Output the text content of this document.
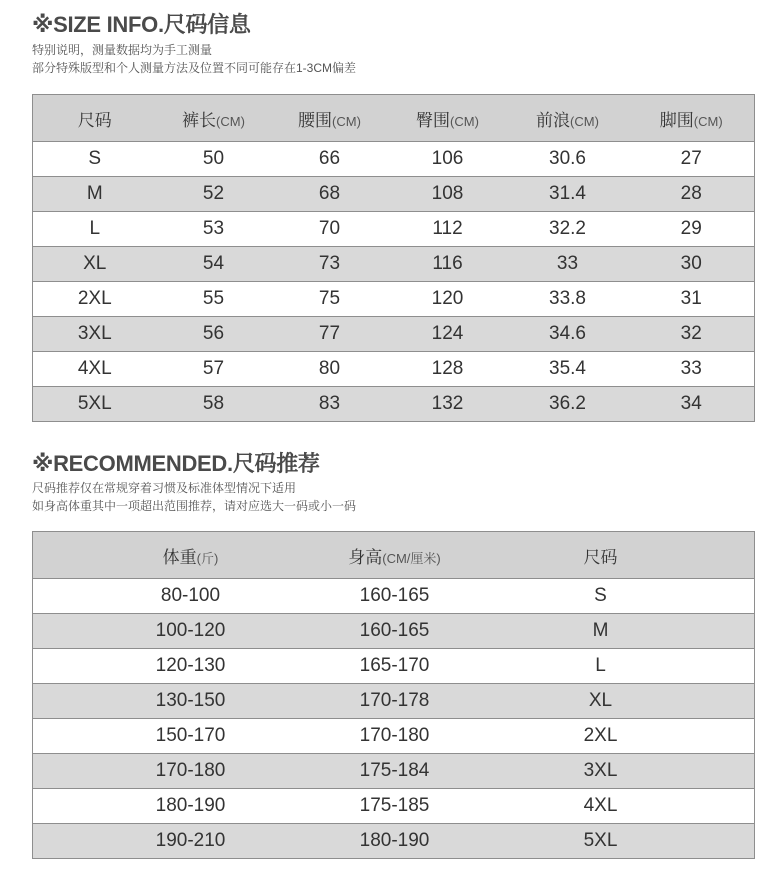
※SIZE INFO.尺码信息

特别说明，测量数据均为手工测量

部分特殊版型和个人测量方法及位置不同可能存在1-3CM偏差

尺码	裤长(CM)	腰围(CM)	臀围(CM)	前浪(CM)	脚围(CM)
S	50	66	106	30.6	27
M	52	68	108	31.4	28
L	53	70	112	32.2	29
XL	54	73	116	33	30
2XL	55	75	120	33.8	31
3XL	56	77	124	34.6	32
4XL	57	80	128	35.4	33
5XL	58	83	132	36.2	34
※RECOMMENDED.尺码推荐

尺码推荐仅在常规穿着习惯及标准体型情况下适用

如身高体重其中一项超出范围推荐，请对应选大一码或小一码

	体重(斤)		身高(CM/厘米)		尺码	
	80-100		160-165		S	
	100-120		160-165		M	
	120-130		165-170		L	
	130-150		170-178		XL	
	150-170		170-180		2XL	
	170-180		175-184		3XL	
	180-190		175-185		4XL	
	190-210		180-190		5XL	
